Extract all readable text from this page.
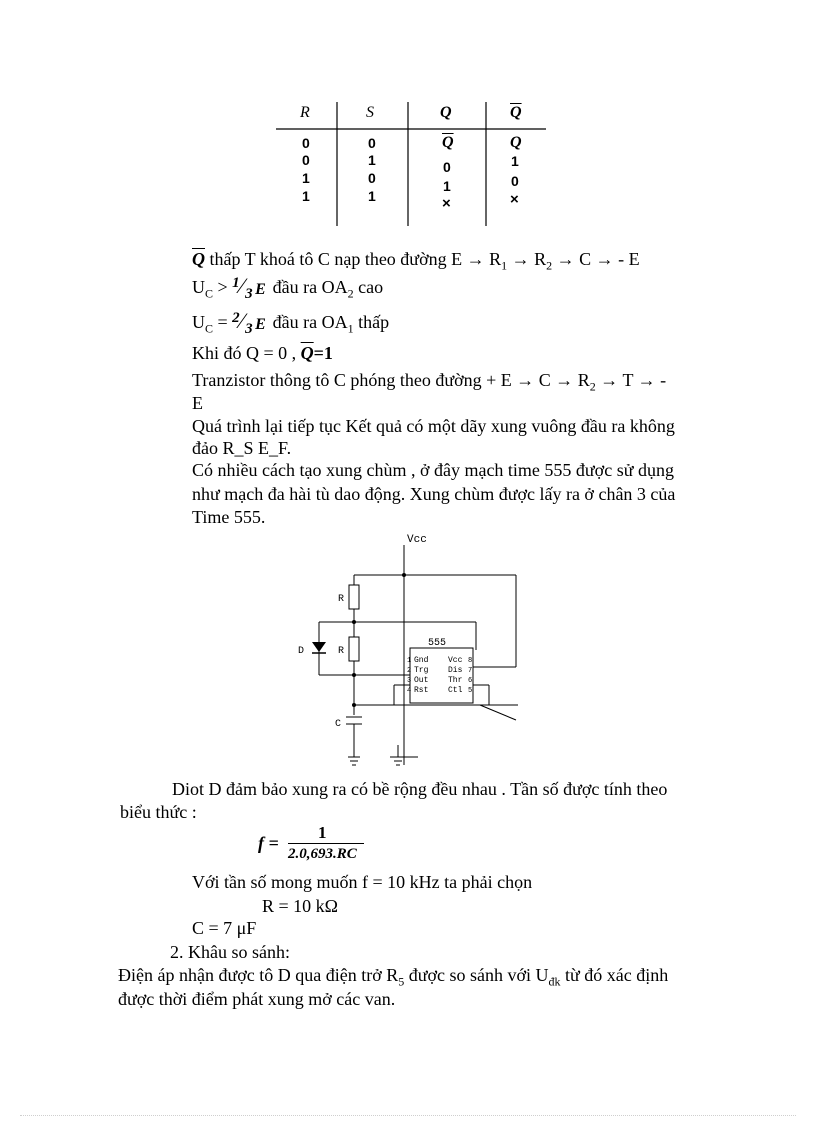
R	S	Q	$\overline{Q}$
0	0	$\overline{Q}$	Q
0	1	0	1
1	0	1	0
1	1	×	×
$\overline{Q}$ thấp T khoá tô C nạp theo đường $E \to R_1 \to R_2 \to C$ → - E
$U_C > 1$ ⁄ 3 E đầu ra $OA_2$ cao
$U_C = 2$ ⁄ 3 E đầu ra $OA_1$ thấp
Khi đó Q = 0 , $\overline{Q}=1$
Tranzistor thông tô C phóng theo đường + $E \to C \to R_2 \to T$ → -
E
Quá trình lại tiếp tục Kết quả có một dãy xung vuông đầu ra không
đảo R_S E_F.
Có nhiều cách tạo xung chùm , ở đây mạch time 555 được sử dụng
như mạch đa hài tù dao động. Xung chùm được lấy ra ở chân 3 của
Time 555.
Vcc
R
R
D
C
555
Gnd
Trg
Out
Rst
Vcc
Dis
Thr
Ctl
1
2
3
4
8
7
6
5
Diot D đảm bảo xung ra có bề rộng đều nhau . Tần số được tính theo
biểu thức :
f =
1
2.0,693.RC
Với tần số mong muốn f = 10 kHz ta phải chọn
R = 10 kΩ
C = 7 μF
2. Khâu so sánh:
Điện áp nhận được tô D qua điện trở $R_5$ được so sánh với $U_{đk}$ từ đó xác định
được thời điểm phát xung mở các van.
